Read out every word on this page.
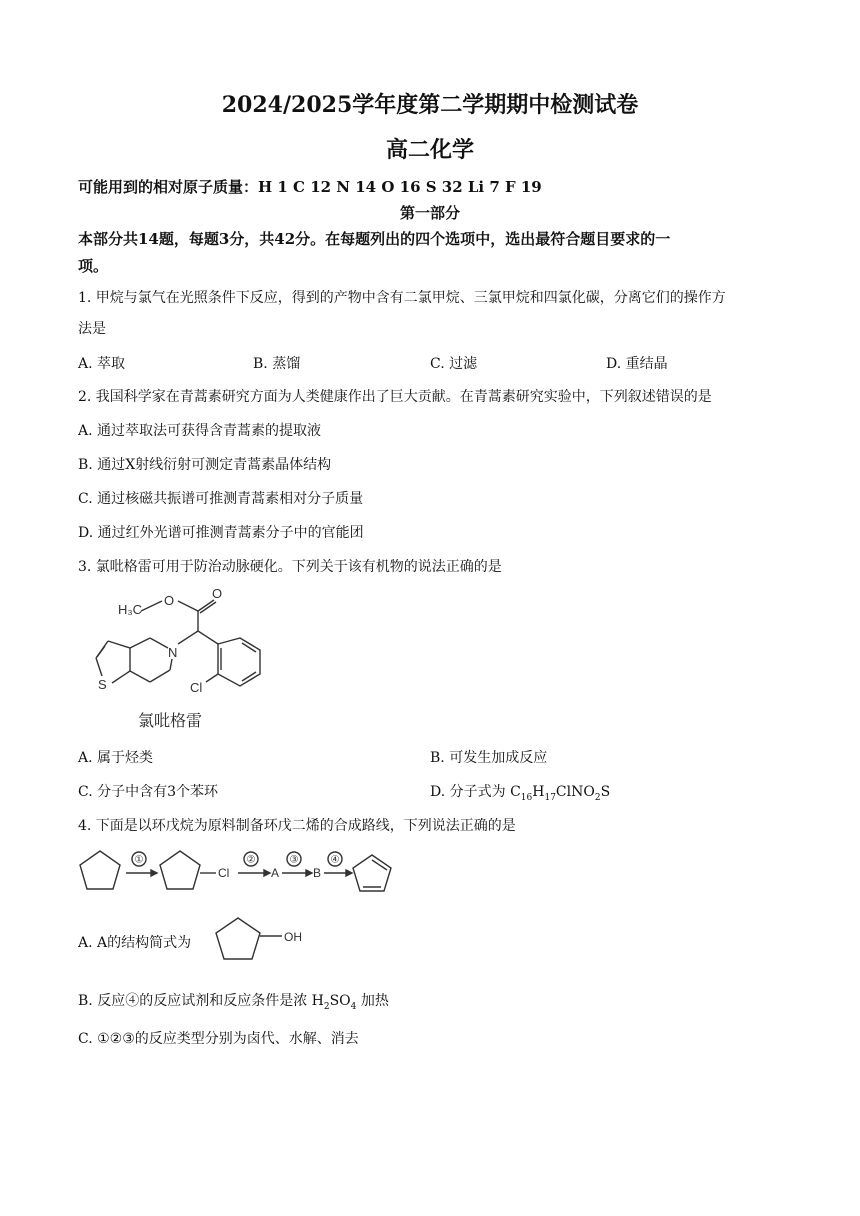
2024/2025学年度第二学期期中检测试卷
高二化学
可能用到的相对原子质量：H 1 C 12 N 14 O 16 S 32 Li 7 F 19
第一部分
本部分共14题，每题3分，共42分。在每题列出的四个选项中，选出最符合题目要求的一
项。
1. 甲烷与氯气在光照条件下反应，得到的产物中含有二氯甲烷、三氯甲烷和四氯化碳，分离它们的操作方
法是
A. 萃取	B. 蒸馏	C. 过滤	D. 重结晶
2. 我国科学家在青蒿素研究方面为人类健康作出了巨大贡献。在青蒿素研究实验中，下列叙述错误的是
A. 通过萃取法可获得含青蒿素的提取液
B. 通过X射线衍射可测定青蒿素晶体结构
C. 通过核磁共振谱可推测青蒿素相对分子质量
D. 通过红外光谱可推测青蒿素分子中的官能团
3. 氯吡格雷可用于防治动脉硬化。下列关于该有机物的说法正确的是
H₃C
O	O
N
S	Cl
氯吡格雷
A. 属于烃类	B. 可发生加成反应
C. 分子中含有3个苯环	D. 分子式为 $C_{16}H_{17}ClNO_2S$
4. 下面是以环戊烷为原料制备环戊二烯的合成路线，下列说法正确的是
①	②	③	④
Cl	A	B
A. A的结构简式为	OH
B. 反应④的反应试剂和反应条件是浓 $H_2SO_4$ 加热
C. ①②③的反应类型分别为卤代、水解、消去
